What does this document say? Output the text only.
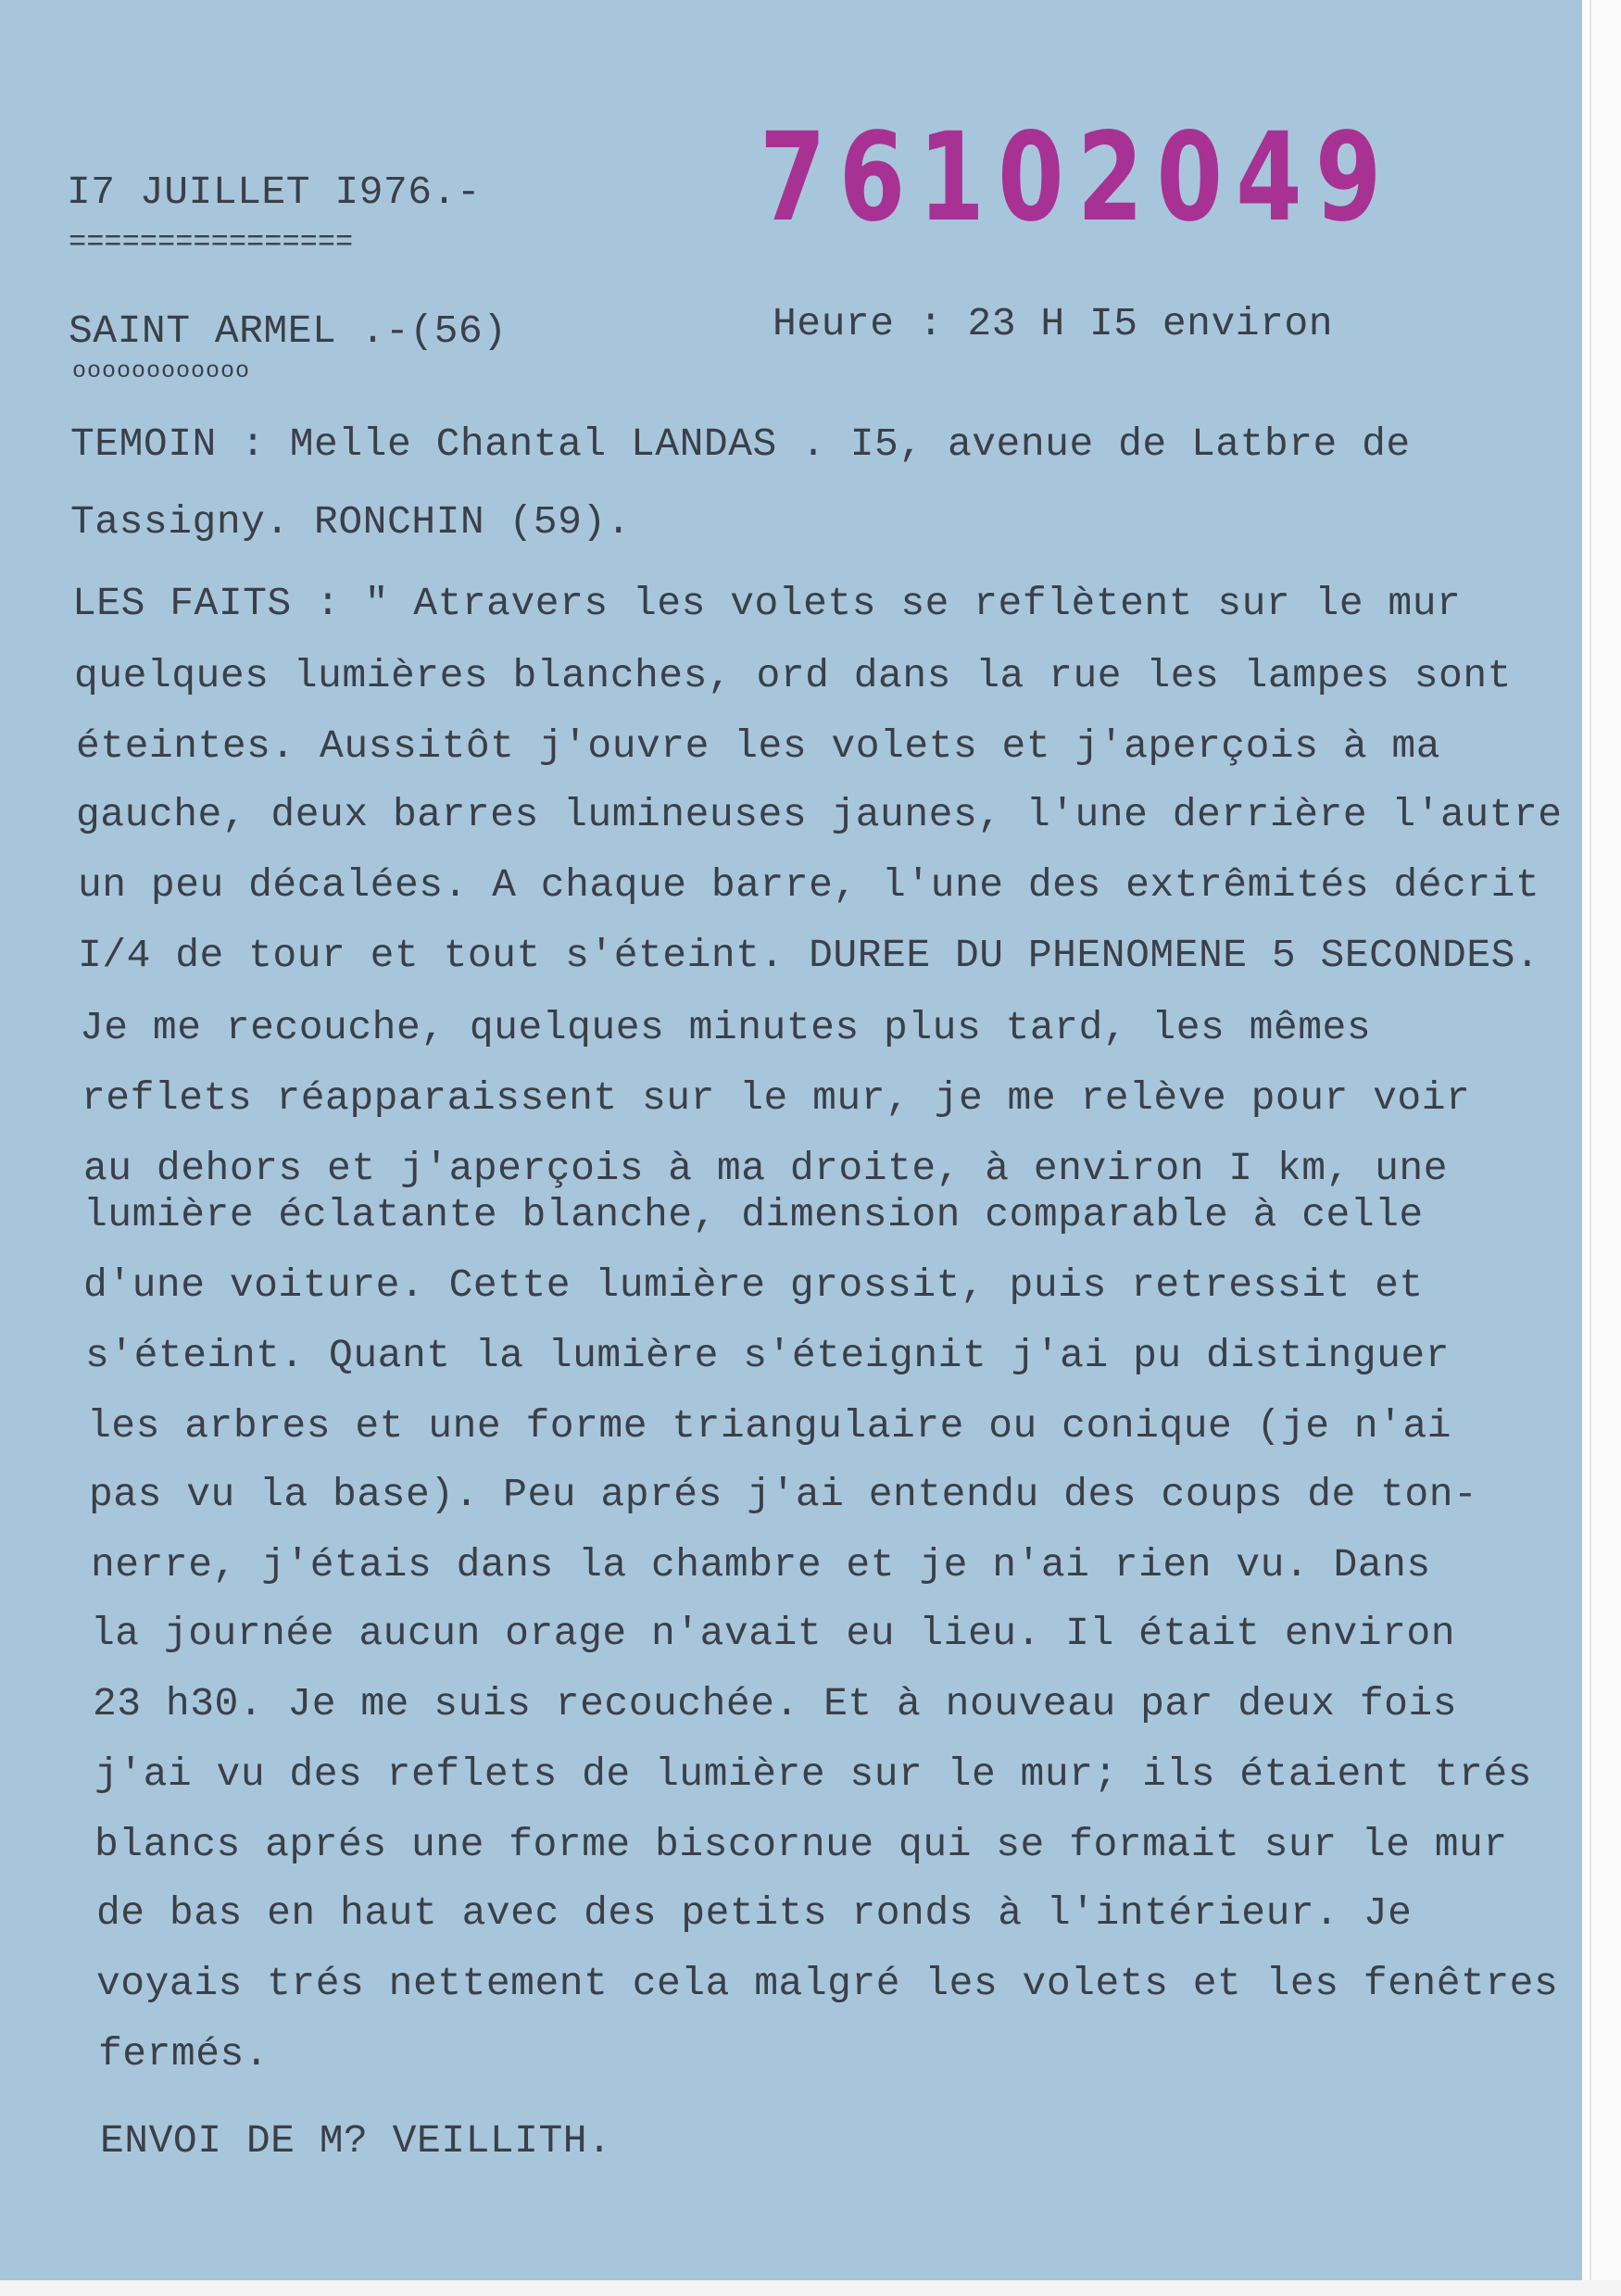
I7 JUILLET I976.-
================	76102049
SAINT ARMEL .-(56)
oooooooooooo
Heure : 23 H I5 environ
TEMOIN : Melle Chantal LANDAS . I5, avenue de Latbre de
Tassigny. RONCHIN (59).
LES FAITS : " Atravers les volets se reflètent sur le mur
quelques lumières blanches, ord dans la rue les lampes sont
éteintes. Aussitôt j'ouvre les volets et j'aperçois à ma
gauche, deux barres lumineuses jaunes, l'une derrière l'autre
un peu décalées. A chaque barre, l'une des extrêmités décrit
I/4 de tour et tout s'éteint. DUREE DU PHENOMENE 5 SECONDES.
Je me recouche, quelques minutes plus tard, les mêmes
reflets réapparaissent sur le mur, je me relève pour voir
au dehors et j'aperçois à ma droite, à environ I km, une
lumière éclatante blanche, dimension comparable à celle
d'une voiture. Cette lumière grossit, puis retressit et
s'éteint. Quant la lumière s'éteignit j'ai pu distinguer
les arbres et une forme triangulaire ou conique (je n'ai
pas vu la base). Peu aprés j'ai entendu des coups de ton-
nerre, j'étais dans la chambre et je n'ai rien vu. Dans
la journée aucun orage n'avait eu lieu. Il était environ
23 h30. Je me suis recouchée. Et à nouveau par deux fois
j'ai vu des reflets de lumière sur le mur; ils étaient trés
blancs aprés une forme biscornue qui se formait sur le mur
de bas en haut avec des petits ronds à l'intérieur. Je
voyais trés nettement cela malgré les volets et les fenêtres
fermés.
ENVOI DE M? VEILLITH.
